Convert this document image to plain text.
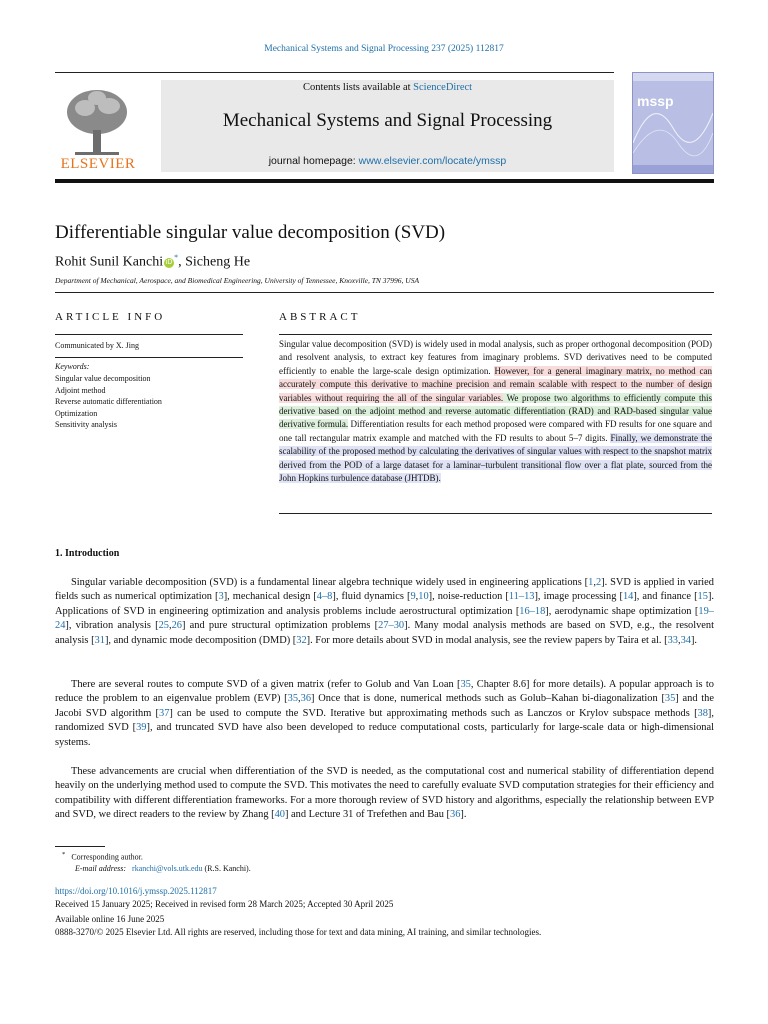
Mechanical Systems and Signal Processing 237 (2025) 112817
ELSEVIER
Contents lists available at ScienceDirect
Mechanical Systems and Signal Processing
journal homepage: www.elsevier.com/locate/ymssp
mssp
Differentiable singular value decomposition (SVD)
Rohit Sunil Kanchi iD*, Sicheng He
Department of Mechanical, Aerospace, and Biomedical Engineering, University of Tennessee, Knoxville, TN 37996, USA
ARTICLE INFO
Communicated by X. Jing
Keywords:
Singular value decomposition
Adjoint method
Reverse automatic differentiation
Optimization
Sensitivity analysis
ABSTRACT
Singular value decomposition (SVD) is widely used in modal analysis, such as proper orthogonal decomposition (POD) and resolvent analysis, to extract key features from imaginary problems. SVD derivatives need to be computed efficiently to enable the large-scale design optimization. However, for a general imaginary matrix, no method can accurately compute this derivative to machine precision and remain scalable with respect to the number of design variables without requiring the all of the singular variables. We propose two algorithms to efficiently compute this derivative based on the adjoint method and reverse automatic differentiation (RAD) and RAD-based singular value derivative formula. Differentiation results for each method proposed were compared with FD results for one square and one tall rectangular matrix example and matched with the FD results to about 5–7 digits. Finally, we demonstrate the scalability of the proposed method by calculating the derivatives of singular values with respect to the snapshot matrix derived from the POD of a large dataset for a laminar–turbulent transitional flow over a flat plate, sourced from the John Hopkins turbulence database (JHTDB).
1. Introduction
Singular variable decomposition (SVD) is a fundamental linear algebra technique widely used in engineering applications [1,2]. SVD is applied in varied fields such as numerical optimization [3], mechanical design [4–8], fluid dynamics [9,10], noise-reduction [11–13], image processing [14], and finance [15]. Applications of SVD in engineering optimization and analysis problems include aerostructural optimization [16–18], aerodynamic shape optimization [19–24], vibration analysis [25,26] and pure structural optimization problems [27–30]. Many modal analysis methods are based on SVD, e.g., the resolvent analysis [31], and dynamic mode decomposition (DMD) [32]. For more details about SVD in modal analysis, see the review papers by Taira et al. [33,34].
There are several routes to compute SVD of a given matrix (refer to Golub and Van Loan [35, Chapter 8.6] for more details). A popular approach is to reduce the problem to an eigenvalue problem (EVP) [35,36] Once that is done, numerical methods such as Golub–Kahan bi-diagonalization [35] and the Jacobi SVD algorithm [37] can be used to compute the SVD. Iterative but approximating methods such as Lanczos or Krylov subspace methods [38], randomized SVD [39], and truncated SVD have also been developed to reduce computational costs, particularly for large-scale data or high-dimensional systems.
These advancements are crucial when differentiation of the SVD is needed, as the computational cost and numerical stability of differentiation depend heavily on the underlying method used to compute the SVD. This motivates the need to carefully evaluate SVD computation strategies for their efficiency and compatibility with different differentiation frameworks. For a more thorough review of SVD history and algorithms, especially the relationship between EVP and SVD, we direct readers to the review by Zhang [40] and Lecture 31 of Trefethen and Bau [36].
* Corresponding author.
E-mail address: rkanchi@vols.utk.edu (R.S. Kanchi).
https://doi.org/10.1016/j.ymssp.2025.112817
Received 15 January 2025; Received in revised form 28 March 2025; Accepted 30 April 2025
Available online 16 June 2025
0888-3270/© 2025 Elsevier Ltd. All rights are reserved, including those for text and data mining, AI training, and similar technologies.
